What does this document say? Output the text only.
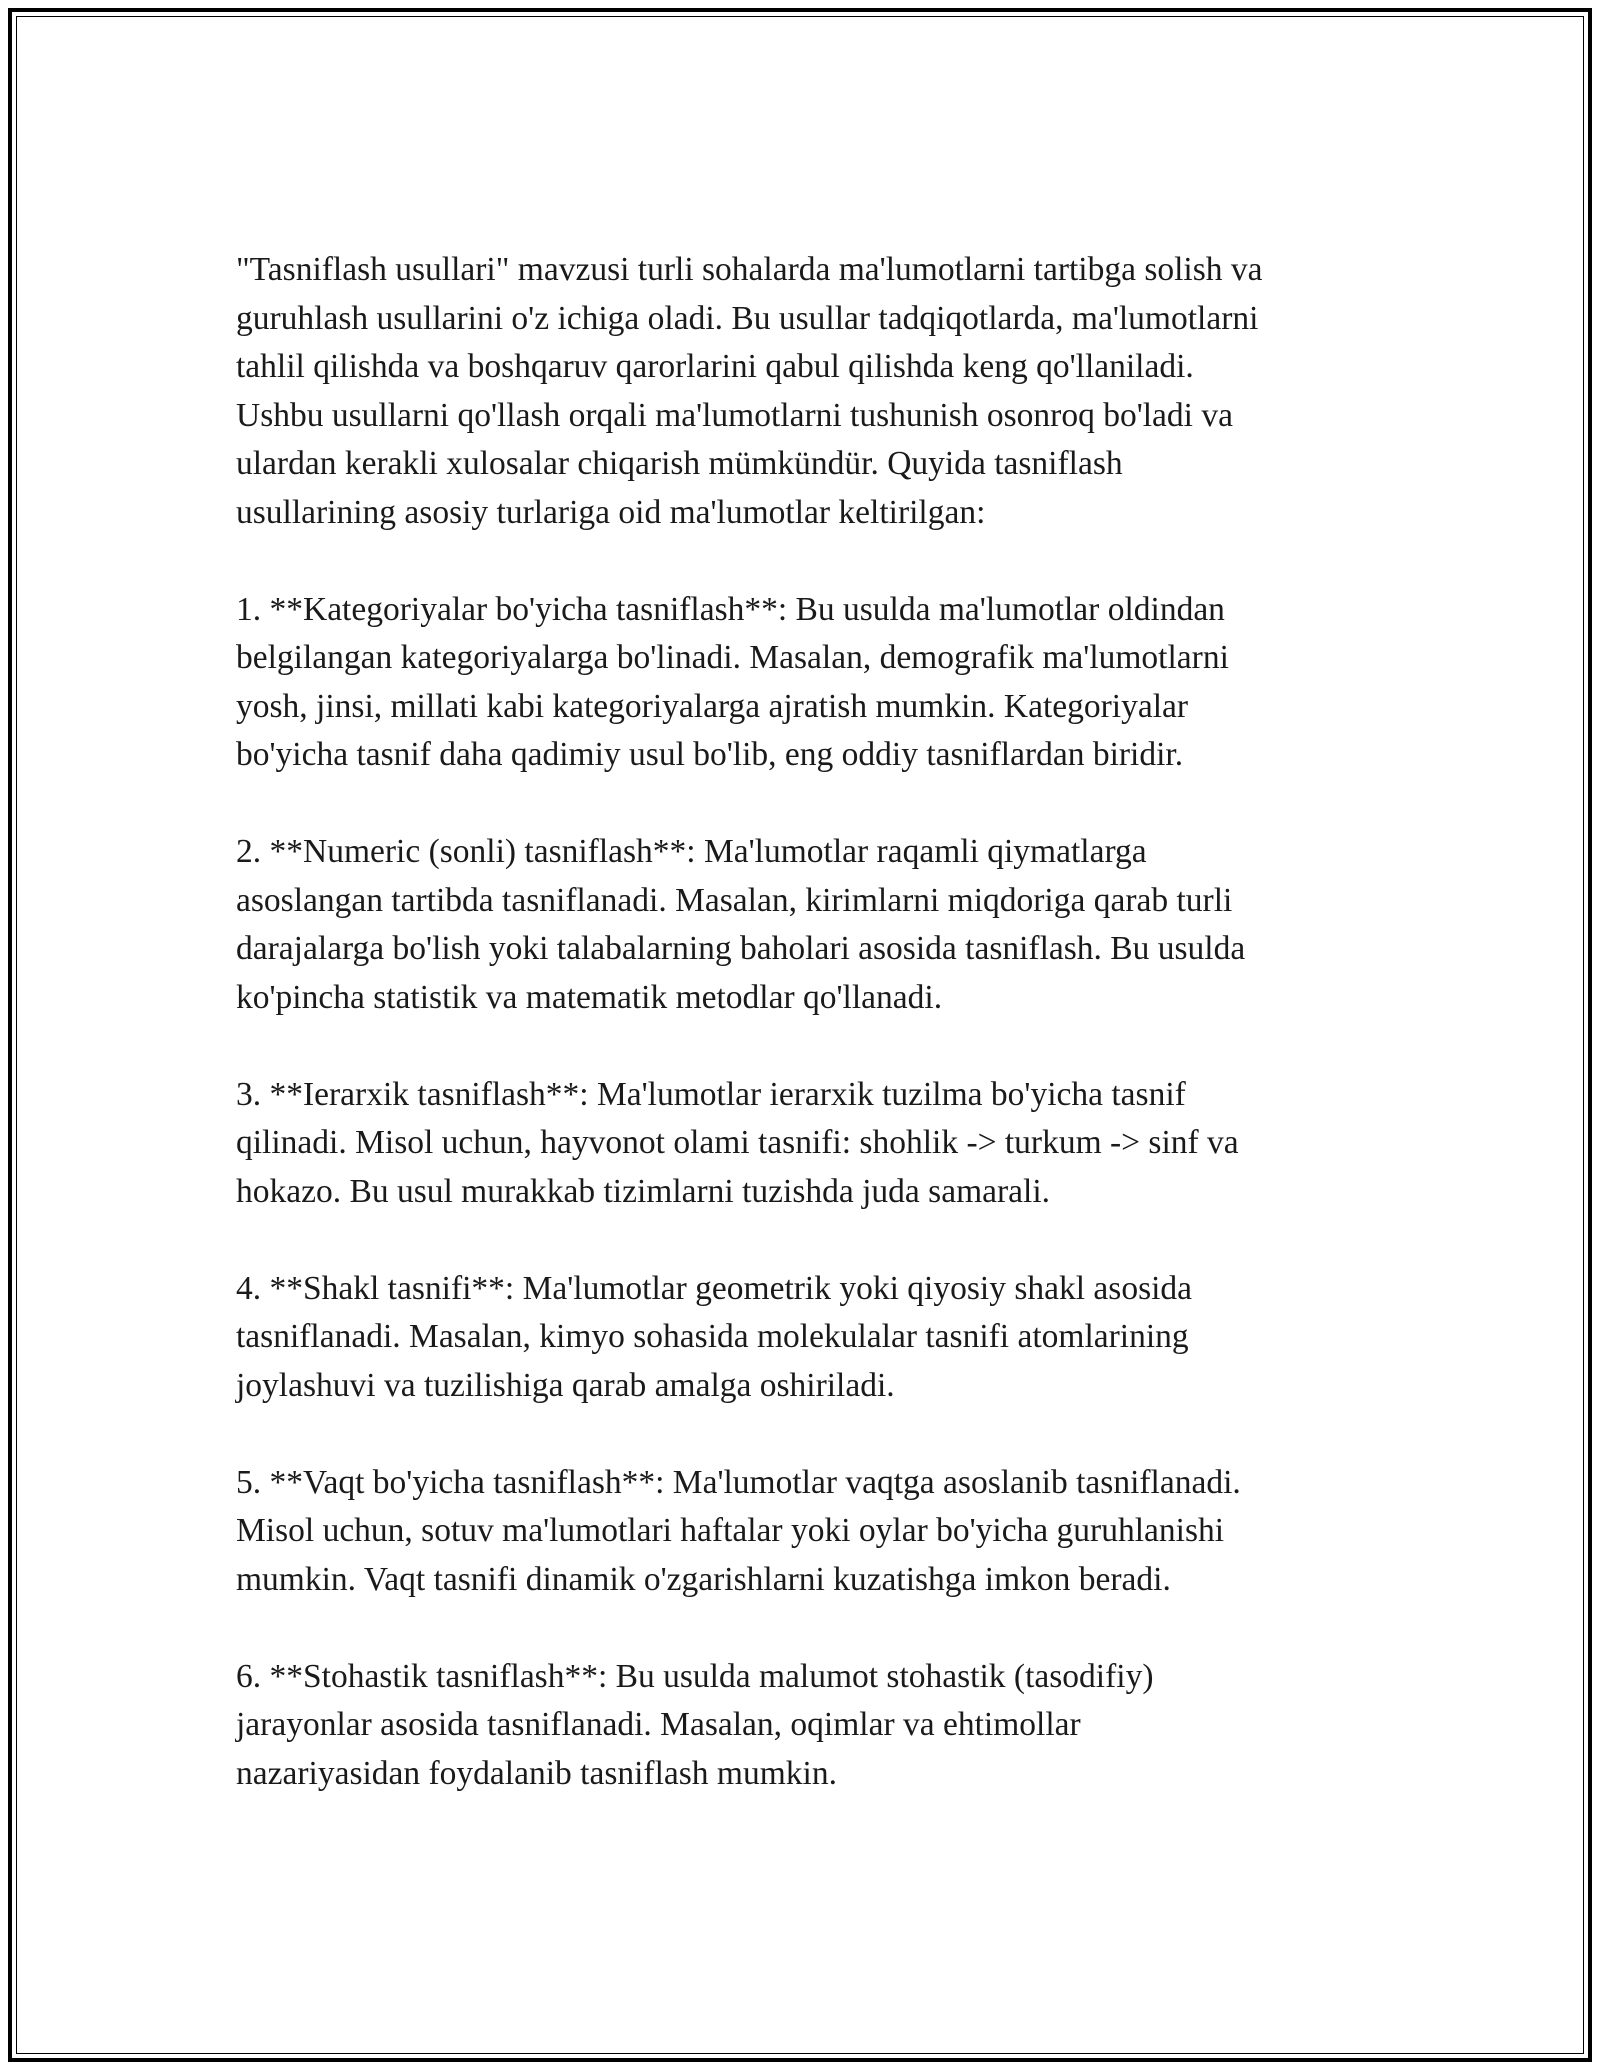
"Tasniflash usullari" mavzusi turli sohalarda ma'lumotlarni tartibga solish va
guruhlash usullarini o'z ichiga oladi. Bu usullar tadqiqotlarda, ma'lumotlarni
tahlil qilishda va boshqaruv qarorlarini qabul qilishda keng qo'llaniladi.
Ushbu usullarni qo'llash orqali ma'lumotlarni tushunish osonroq bo'ladi va
ulardan kerakli xulosalar chiqarish mümkündür. Quyida tasniflash
usullarining asosiy turlariga oid ma'lumotlar keltirilgan:

1. **Kategoriyalar bo'yicha tasniflash**: Bu usulda ma'lumotlar oldindan
belgilangan kategoriyalarga bo'linadi. Masalan, demografik ma'lumotlarni
yosh, jinsi, millati kabi kategoriyalarga ajratish mumkin. Kategoriyalar
bo'yicha tasnif daha qadimiy usul bo'lib, eng oddiy tasniflardan biridir.

2. **Numeric (sonli) tasniflash**: Ma'lumotlar raqamli qiymatlarga
asoslangan tartibda tasniflanadi. Masalan, kirimlarni miqdoriga qarab turli
darajalarga bo'lish yoki talabalarning baholari asosida tasniflash. Bu usulda
ko'pincha statistik va matematik metodlar qo'llanadi.

3. **Ierarxik tasniflash**: Ma'lumotlar ierarxik tuzilma bo'yicha tasnif
qilinadi. Misol uchun, hayvonot olami tasnifi: shohlik -> turkum -> sinf va
hokazo. Bu usul murakkab tizimlarni tuzishda juda samarali.

4. **Shakl tasnifi**: Ma'lumotlar geometrik yoki qiyosiy shakl asosida
tasniflanadi. Masalan, kimyo sohasida molekulalar tasnifi atomlarining
joylashuvi va tuzilishiga qarab amalga oshiriladi.

5. **Vaqt bo'yicha tasniflash**: Ma'lumotlar vaqtga asoslanib tasniflanadi.
Misol uchun, sotuv ma'lumotlari haftalar yoki oylar bo'yicha guruhlanishi
mumkin. Vaqt tasnifi dinamik o'zgarishlarni kuzatishga imkon beradi.

6. **Stohastik tasniflash**: Bu usulda malumot stohastik (tasodifiy)
jarayonlar asosida tasniflanadi. Masalan, oqimlar va ehtimollar
nazariyasidan foydalanib tasniflash mumkin.
